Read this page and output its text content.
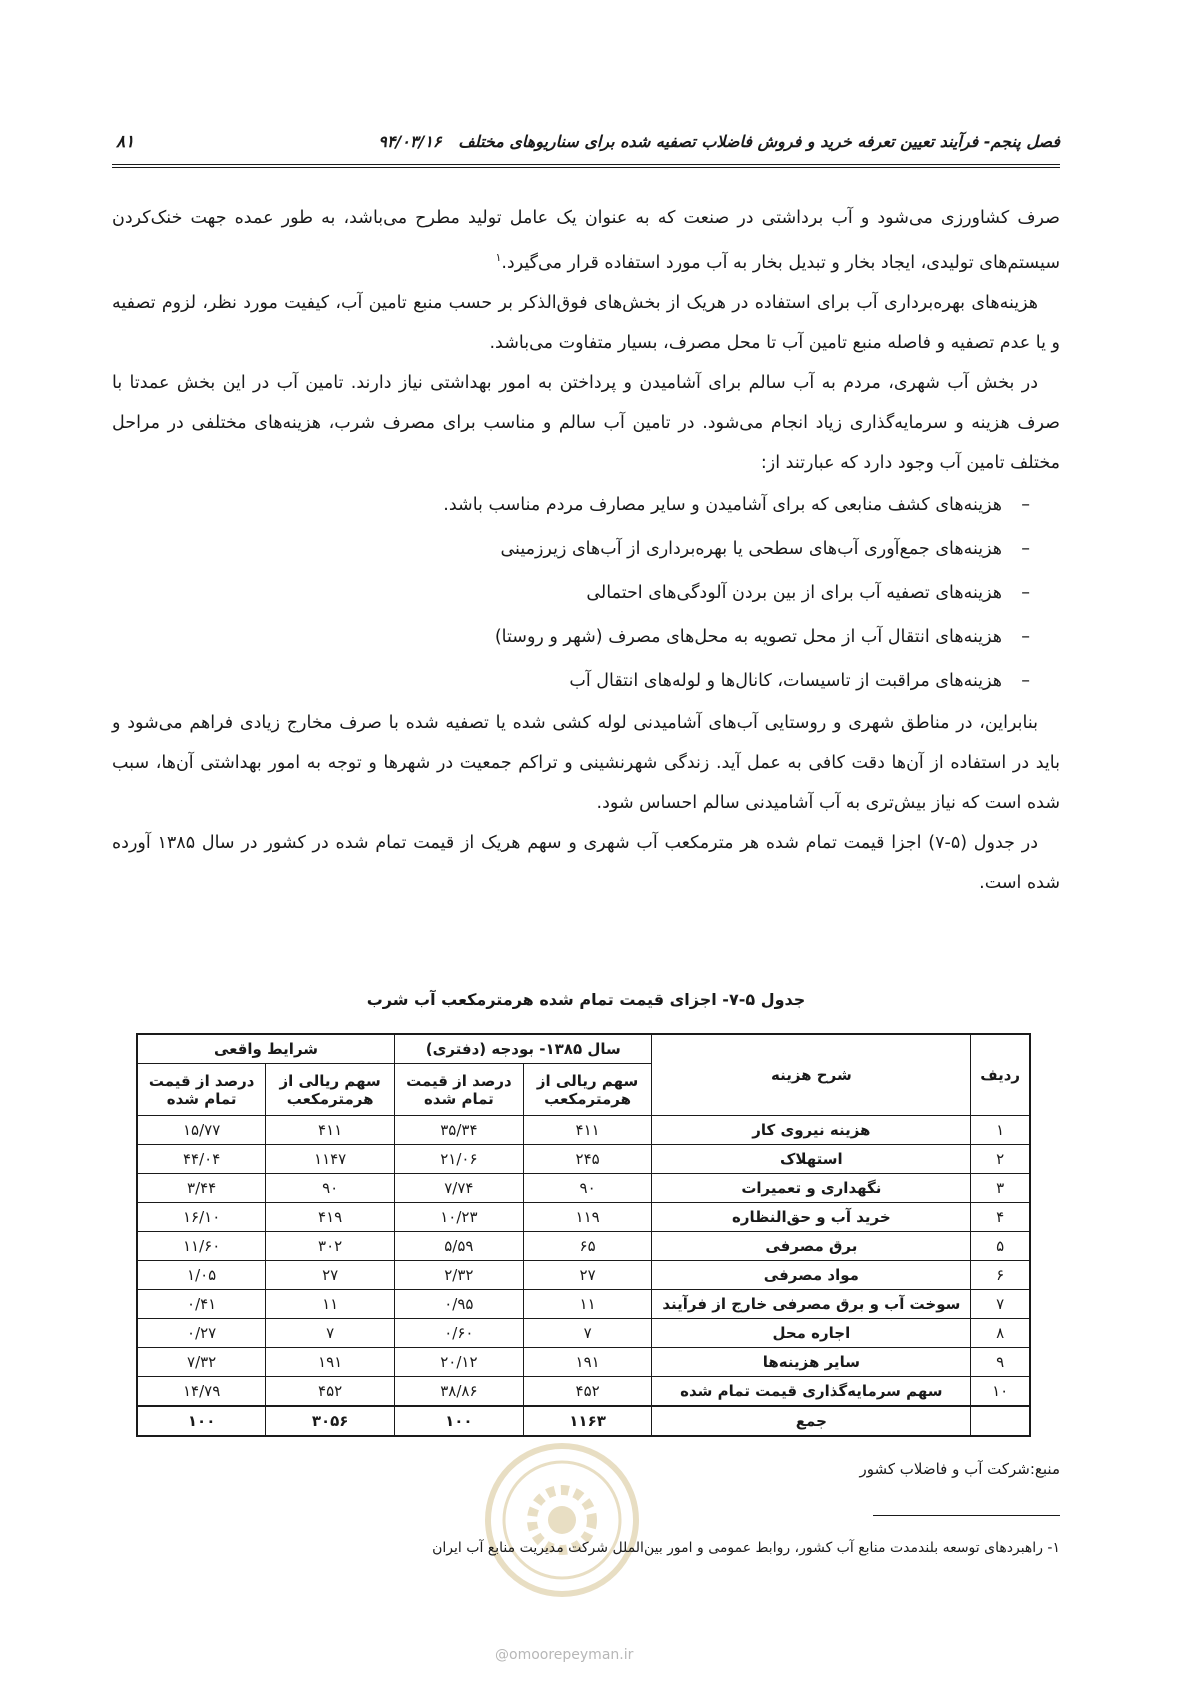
۸۱	فصل پنجم- فرآیند تعیین تعرفه خرید و فروش فاضلاب تصفیه شده برای سناریوهای مختلف   ۹۴/۰۳/۱۶

صرف کشاورزی می‌شود و آب برداشتی در صنعت که به عنوان یک عامل تولید مطرح می‌باشد، به طور عمده جهت خنک‌کردن سیستم‌های تولیدی، ایجاد بخار و تبدیل بخار به آب مورد استفاده قرار می‌گیرد.$^۱$

هزینه‌های بهره‌برداری آب برای استفاده در هریک از بخش‌های فوق‌الذکر بر حسب منبع تامین آب، کیفیت مورد نظر، لزوم تصفیه و یا عدم تصفیه و فاصله منبع تامین آب تا محل مصرف، بسیار متفاوت می‌باشد.

در بخش آب شهری، مردم به آب سالم برای آشامیدن و پرداختن به امور بهداشتی نیاز دارند. تامین آب در این بخش عمدتا با صرف هزینه و سرمایه‌گذاری زیاد انجام می‌شود. در تامین آب سالم و مناسب برای مصرف شرب، هزینه‌های مختلفی در مراحل مختلف تامین آب وجود دارد که عبارتند از:

–
هزینه‌های کشف منابعی که برای آشامیدن و سایر مصارف مردم مناسب باشد.
–
هزینه‌های جمع‌آوری آب‌های سطحی یا بهره‌برداری از آب‌های زیرزمینی
–
هزینه‌های تصفیه آب برای از بین بردن آلودگی‌های احتمالی
–
هزینه‌های انتقال آب از محل تصویه به محل‌های مصرف (شهر و روستا)
–
هزینه‌های مراقبت از تاسیسات، کانال‌ها و لوله‌های انتقال آب

بنابراین، در مناطق شهری و روستایی آب‌های آشامیدنی لوله کشی شده یا تصفیه شده با صرف مخارج زیادی فراهم می‌شود و باید در استفاده از آن‌ها دقت کافی به عمل آید. زندگی شهرنشینی و تراکم جمعیت در شهرها و توجه به امور بهداشتی آن‌ها، سبب شده است که نیاز بیش‌تری به آب آشامیدنی سالم احساس شود.

در جدول (۵-۷) اجزا قیمت تمام شده هر مترمکعب آب شهری و سهم هریک از قیمت تمام شده در کشور در سال ۱۳۸۵ آورده شده است.

جدول ۵-۷- اجزای قیمت تمام شده هرمترمکعب آب شرب
ردیف	شرح هزینه	سال ۱۳۸۵- بودجه (دفتری)		شرایط واقعی	
		سهم ریالی از هرمترمکعب	درصد از قیمت تمام شده	سهم ریالی از هرمترمکعب	درصد از قیمت تمام شده
۱	هزینه نیروی کار	۴۱۱	۳۵/۳۴	۴۱۱	۱۵/۷۷
۲	استهلاک	۲۴۵	۲۱/۰۶	۱۱۴۷	۴۴/۰۴
۳	نگهداری و تعمیرات	۹۰	۷/۷۴	۹۰	۳/۴۴
۴	خرید آب و حق‌النظاره	۱۱۹	۱۰/۲۳	۴۱۹	۱۶/۱۰
۵	برق مصرفی	۶۵	۵/۵۹	۳۰۲	۱۱/۶۰
۶	مواد مصرفی	۲۷	۲/۳۲	۲۷	۱/۰۵
۷	سوخت آب و برق مصرفی خارج از فرآیند	۱۱	۰/۹۵	۱۱	۰/۴۱
۸	اجاره محل	۷	۰/۶۰	۷	۰/۲۷
۹	سایر هزینه‌ها	۱۹۱	۲۰/۱۲	۱۹۱	۷/۳۲
۱۰	سهم سرمایه‌گذاری قیمت تمام شده	۴۵۲	۳۸/۸۶	۴۵۲	۱۴/۷۹
	جمع	۱۱۶۳	۱۰۰	۳۰۵۶	۱۰۰
منبع:شرکت آب و فاضلاب کشور
۱- راهبردهای توسعه بلندمدت منابع آب کشور، روابط عمومی و امور بین‌الملل شرکت مدیریت منابع آب ایران
@omoorepeyman.ir
